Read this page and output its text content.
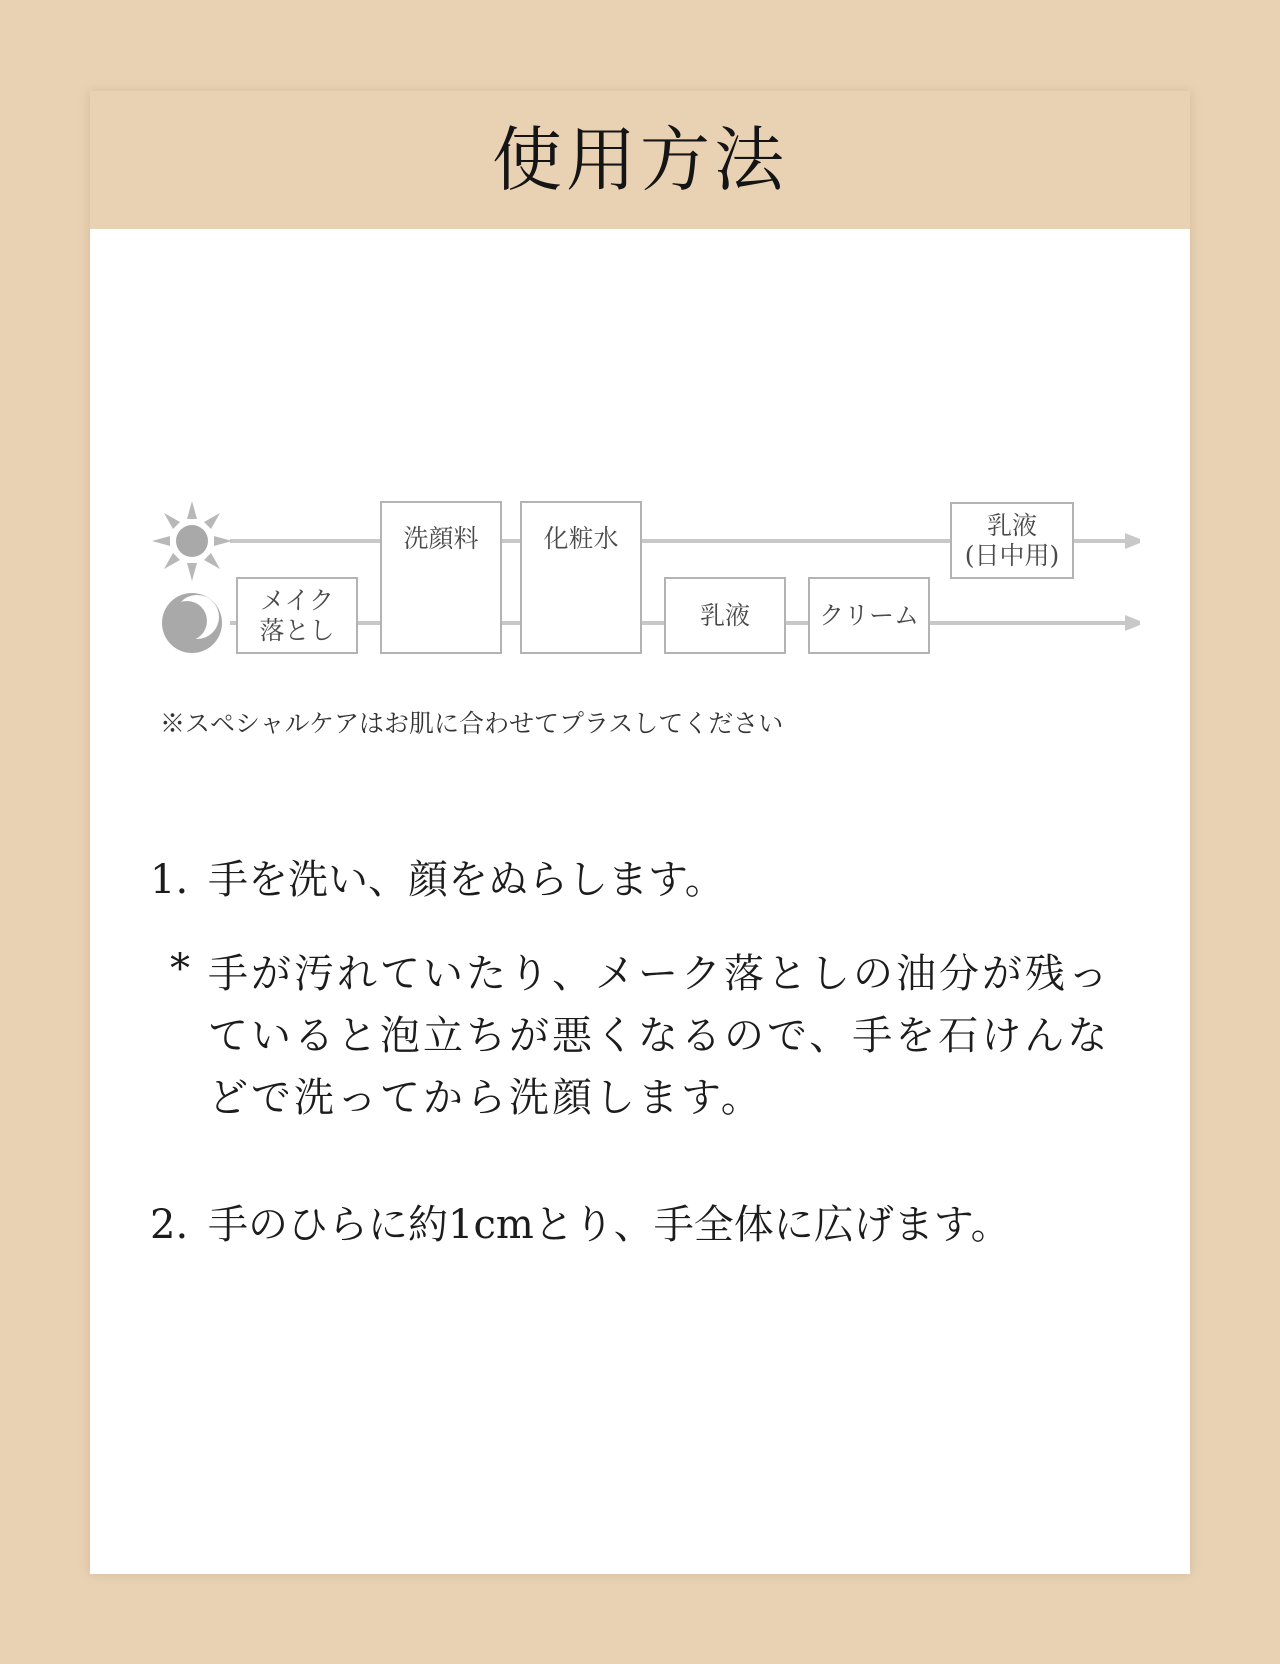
使用方法
メイク
落とし
洗顔料	化粧水
乳液	クリーム
乳液
(日中用)

※スペシャルケアはお肌に合わせてプラスしてください

1. 手を洗い、顔をぬらします。

* 手が汚れていたり、メーク落としの油分が残っていると泡立ちが悪くなるので、手を石けんなどで洗ってから洗顔します。

2. 手のひらに約1cmとり、手全体に広げます。
